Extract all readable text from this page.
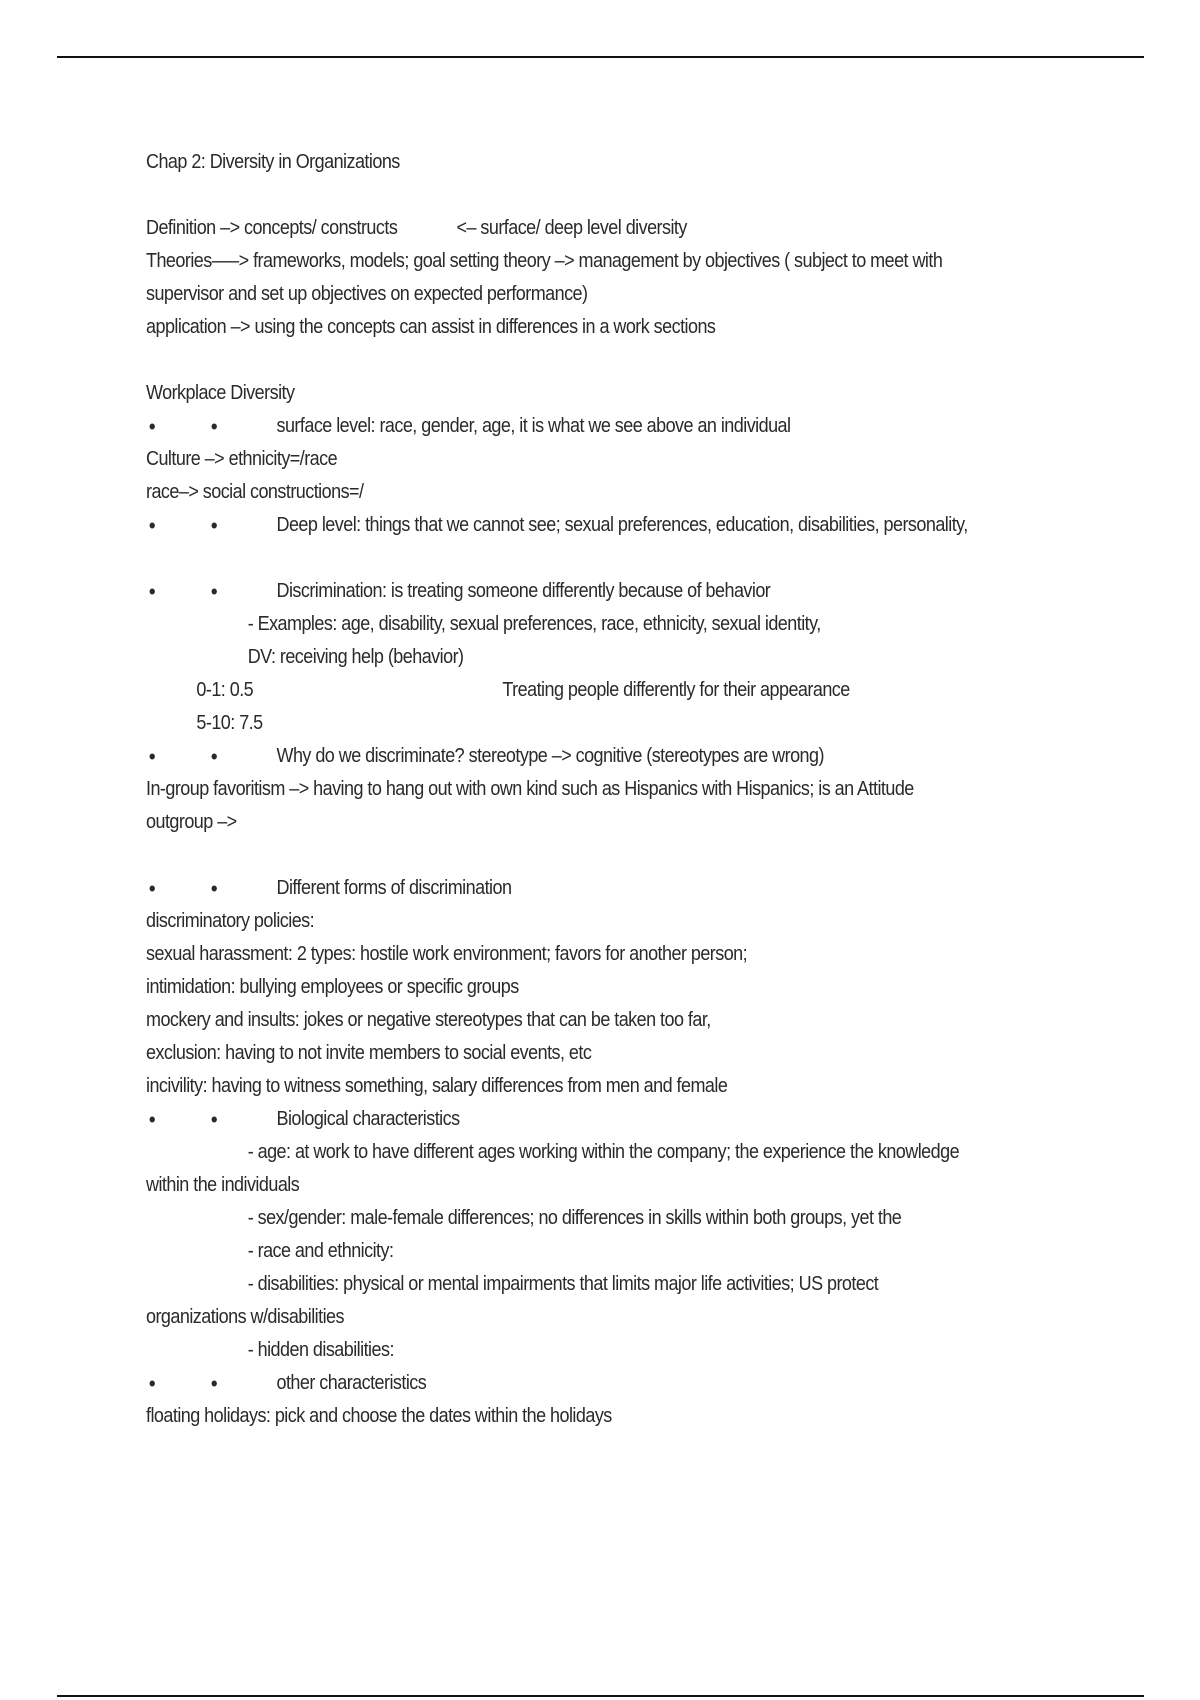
Chap 2: Diversity in Organizations
Definition –> concepts/ constructs	<– surface/ deep level diversity
Theories—–> frameworks, models; goal setting theory –> management by objectives ( subject to meet with
supervisor and set up objectives on expected performance)
application –> using the concepts can assist in differences in a work sections
Workplace Diversity
•	•	surface level: race, gender, age, it is what we see above an individual
Culture –> ethnicity=/race
race–> social constructions=/
•	•	Deep level: things that we cannot see; sexual preferences, education, disabilities, personality,
•	•	Discrimination: is treating someone differently because of behavior
- Examples: age, disability, sexual preferences, race, ethnicity, sexual identity,
DV: receiving help (behavior)
0-1: 0.5	Treating people differently for their appearance
5-10: 7.5
•	•	Why do we discriminate? stereotype –> cognitive (stereotypes are wrong)
In-group favoritism –> having to hang out with own kind such as Hispanics with Hispanics; is an Attitude
outgroup –>
•	•	Different forms of discrimination
discriminatory policies:
sexual harassment: 2 types: hostile work environment; favors for another person;
intimidation: bullying employees or specific groups
mockery and insults: jokes or negative stereotypes that can be taken too far,
exclusion: having to not invite members to social events, etc
incivility: having to witness something, salary differences from men and female
•	•	Biological characteristics
- age: at work to have different ages working within the company; the experience the knowledge
within the individuals
- sex/gender: male-female differences; no differences in skills within both groups, yet the
- race and ethnicity:
- disabilities: physical or mental impairments that limits major life activities; US protect
organizations w/disabilities
- hidden disabilities:
•	•	other characteristics
floating holidays: pick and choose the dates within the holidays
